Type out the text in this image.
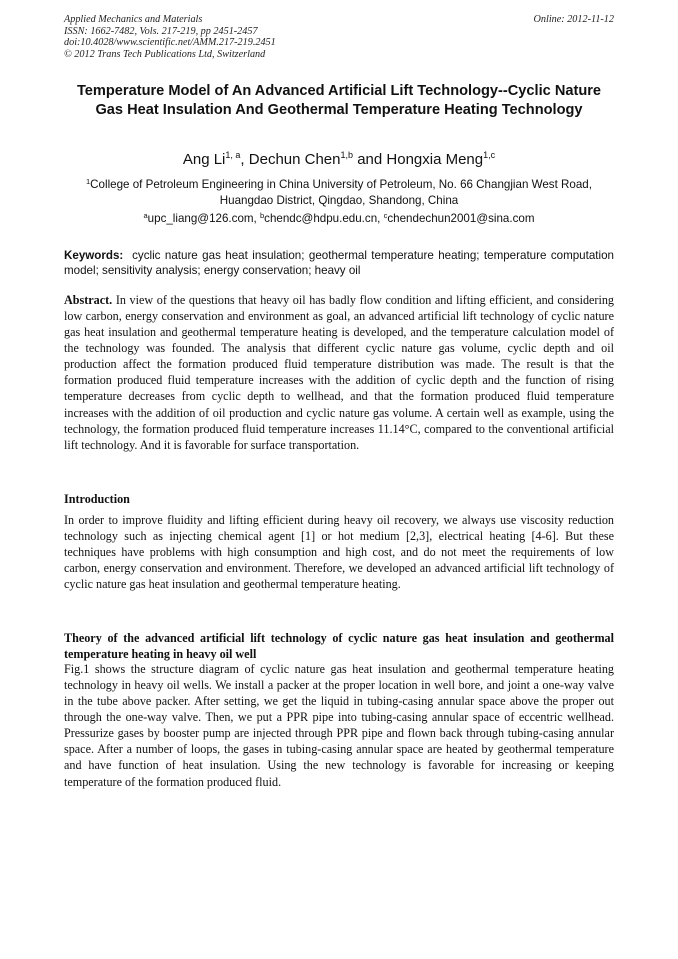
Applied Mechanics and Materials
ISSN: 1662-7482, Vols. 217-219, pp 2451-2457
doi:10.4028/www.scientific.net/AMM.217-219.2451
© 2012 Trans Tech Publications Ltd, Switzerland
Online: 2012-11-12
Temperature Model of An Advanced Artificial Lift Technology--Cyclic Nature Gas Heat Insulation And Geothermal Temperature Heating Technology
Ang Li$^{1, a}$, Dechun Chen$^{1,b}$ and Hongxia Meng$^{1,c}$
$^1$College of Petroleum Engineering in China University of Petroleum, No. 66 Changjian West Road, Huangdao District, Qingdao, Shandong, China
$^a$upc_liang@126.com, $^b$chendc@hdpu.edu.cn, $^c$chendechun2001@sina.com
Keywords: cyclic nature gas heat insulation; geothermal temperature heating; temperature computation model; sensitivity analysis; energy conservation; heavy oil
Abstract. In view of the questions that heavy oil has badly flow condition and lifting efficient, and considering low carbon, energy conservation and environment as goal, an advanced artificial lift technology of cyclic nature gas heat insulation and geothermal temperature heating is developed, and the temperature calculation model of the technology was founded. The analysis that different cyclic nature gas volume, cyclic depth and oil production affect the formation produced fluid temperature distribution was made. The result is that the formation produced fluid temperature increases with the addition of cyclic depth and the function of rising temperature decreases from cyclic depth to wellhead, and that the formation produced fluid temperature increases with the addition of oil production and cyclic nature gas volume. A certain well as example, using the technology, the formation produced fluid temperature increases 11.14°C, compared to the conventional artificial lift technology. And it is favorable for surface transportation.
Introduction
In order to improve fluidity and lifting efficient during heavy oil recovery, we always use viscosity reduction technology such as injecting chemical agent [1] or hot medium [2,3], electrical heating [4-6]. But these techniques have problems with high consumption and high cost, and do not meet the requirements of low carbon, energy conservation and environment. Therefore, we developed an advanced artificial lift technology of cyclic nature gas heat insulation and geothermal temperature heating.
Theory of the advanced artificial lift technology of cyclic nature gas heat insulation and geothermal temperature heating in heavy oil well
Fig.1 shows the structure diagram of cyclic nature gas heat insulation and geothermal temperature heating technology in heavy oil wells. We install a packer at the proper location in well bore, and joint a one-way valve in the tube above packer. After setting, we get the liquid in tubing-casing annular space above the proper out through the one-way valve. Then, we put a PPR pipe into tubing-casing annular space of eccentric wellhead. Pressurize gases by booster pump are injected through PPR pipe and flown back through tubing-casing annular space. After a number of loops, the gases in tubing-casing annular space are heated by geothermal temperature and have function of heat insulation. Using the new technology is favorable for increasing or keeping temperature of the formation produced fluid.
